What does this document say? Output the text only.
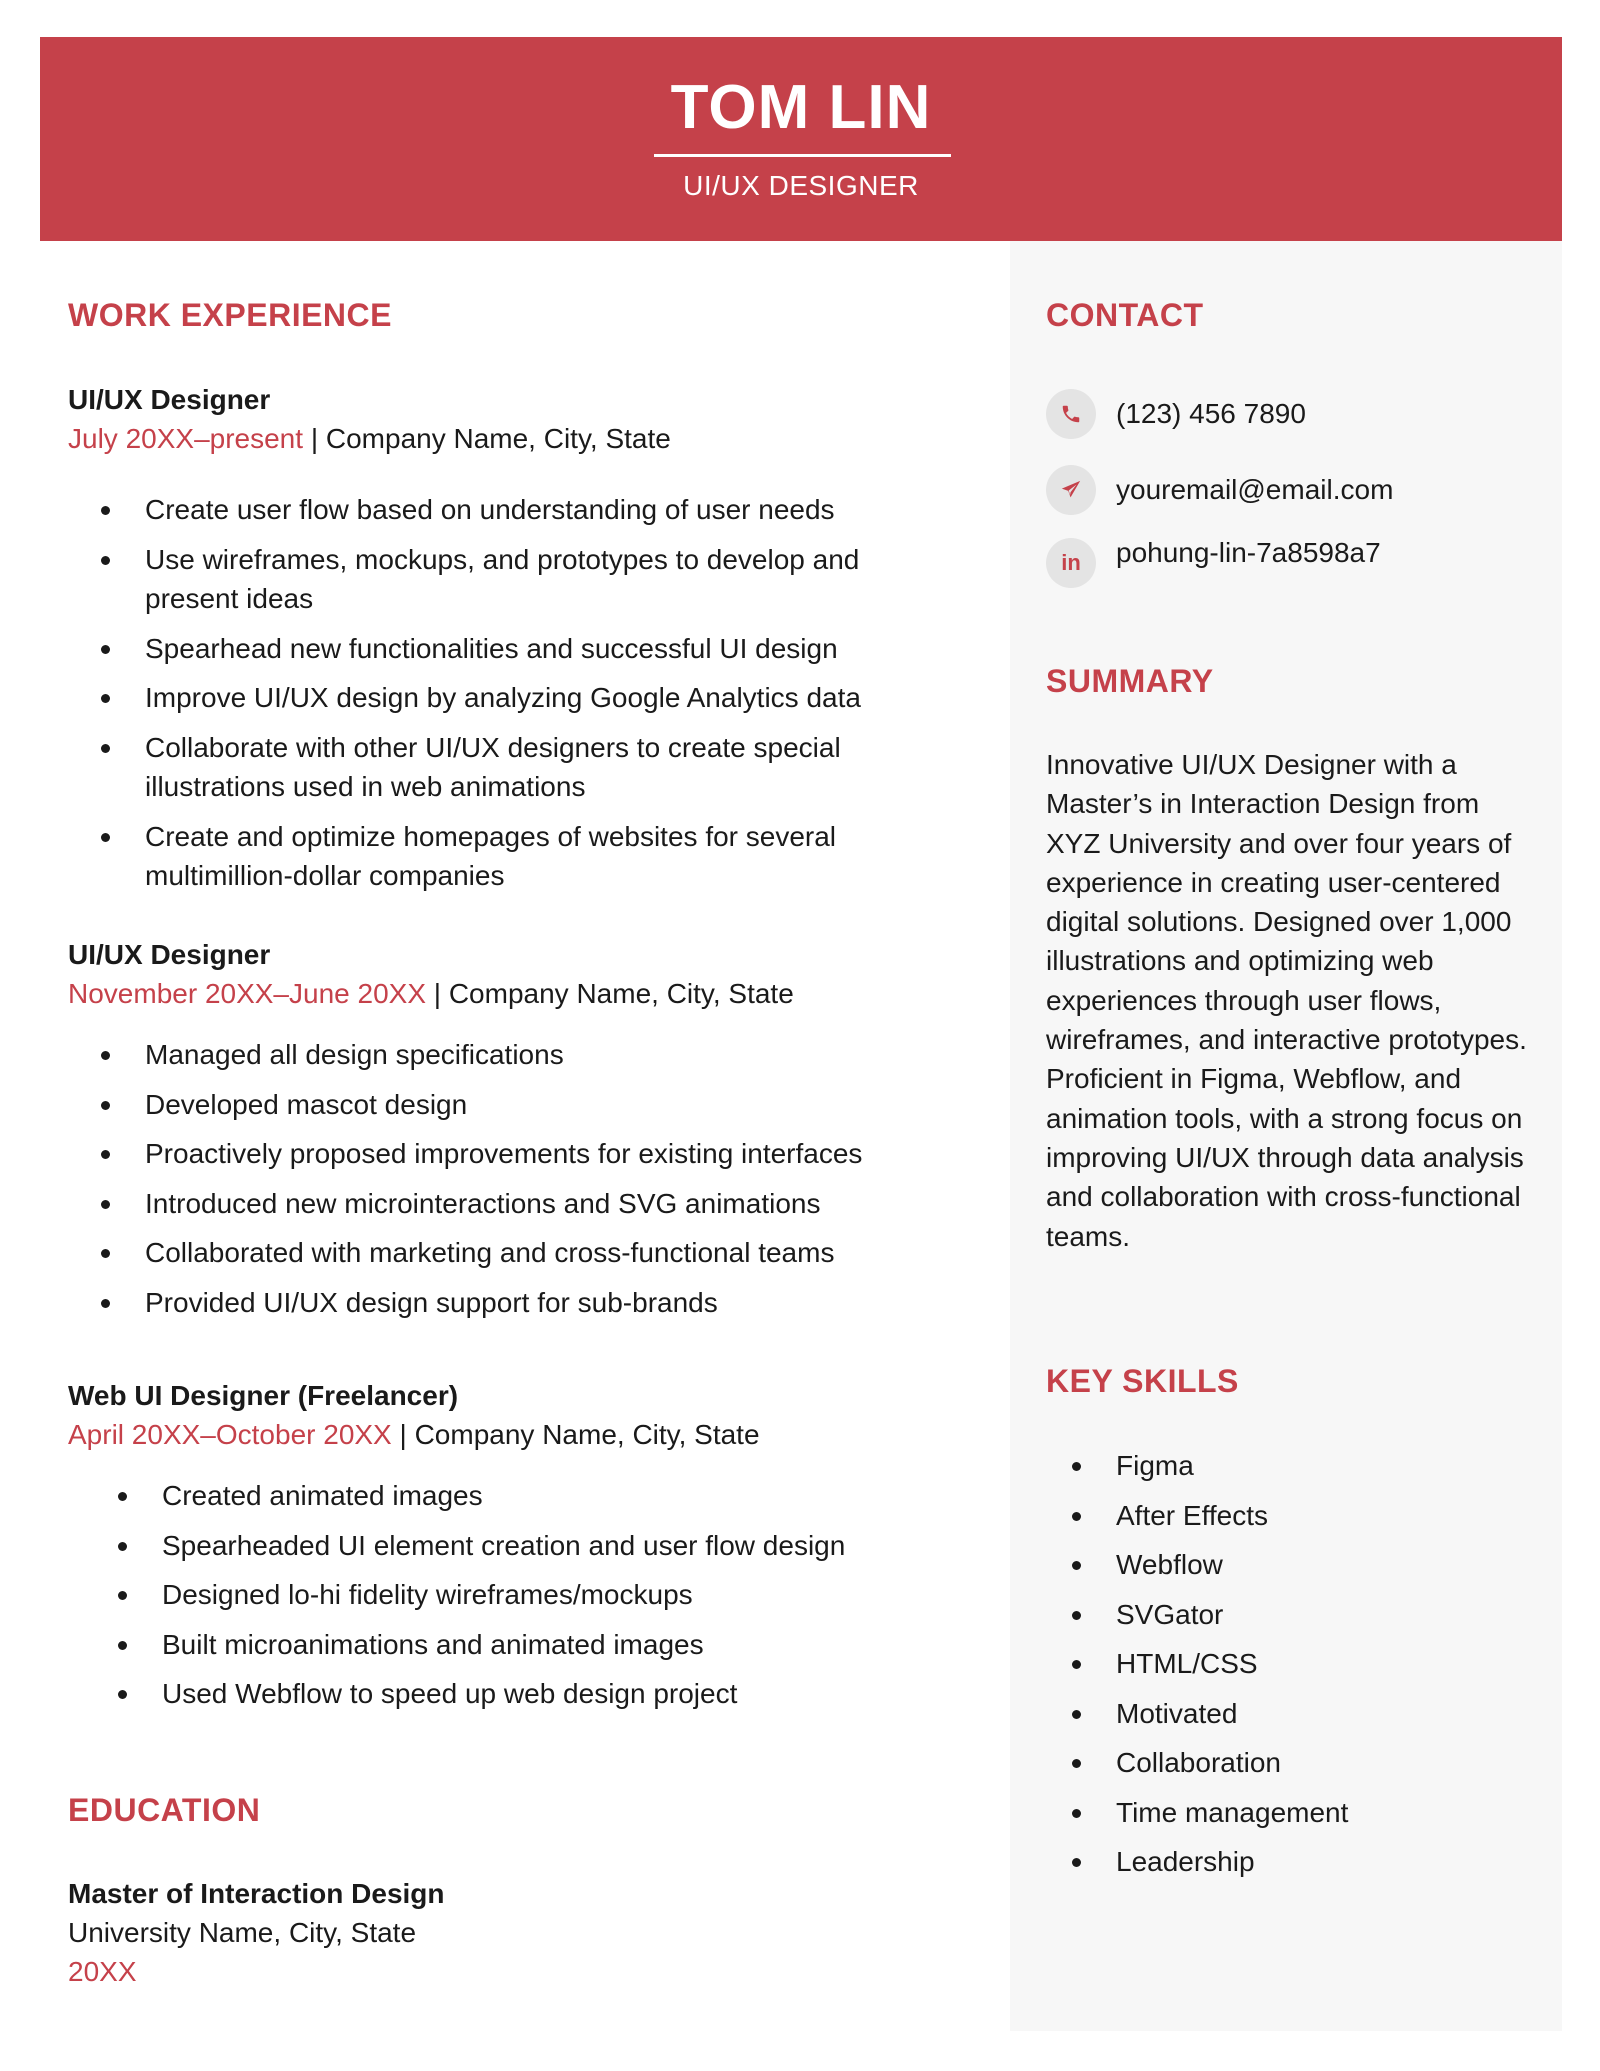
TOM LIN
UI/UX DESIGNER
WORK EXPERIENCE
UI/UX Designer
July 20XX–present | Company Name, City, State
Create user flow based on understanding of user needs
Use wireframes, mockups, and prototypes to develop and present ideas
Spearhead new functionalities and successful UI design
Improve UI/UX design by analyzing Google Analytics data
Collaborate with other UI/UX designers to create special illustrations used in web animations
Create and optimize homepages of websites for several multimillion-dollar companies
UI/UX Designer
November 20XX–June 20XX | Company Name, City, State
Managed all design specifications
Developed mascot design
Proactively proposed improvements for existing interfaces
Introduced new microinteractions and SVG animations
Collaborated with marketing and cross-functional teams
Provided UI/UX design support for sub-brands
Web UI Designer (Freelancer)
April 20XX–October 20XX | Company Name, City, State
Created animated images
Spearheaded UI element creation and user flow design
Designed lo-hi fidelity wireframes/mockups
Built microanimations and animated images
Used Webflow to speed up web design project
EDUCATION
Master of Interaction Design
University Name, City, State
20XX
CONTACT
(123) 456 7890
youremail@email.com
in	pohung-lin-7a8598a7
SUMMARY
Innovative UI/UX Designer with a Master’s in Interaction Design from XYZ University and over four years of experience in creating user-centered digital solutions. Designed over 1,000 illustrations and optimizing web experiences through user flows, wireframes, and interactive prototypes. Proficient in Figma, Webflow, and animation tools, with a strong focus on improving UI/UX through data analysis and collaboration with cross-functional teams.
KEY SKILLS
Figma
After Effects
Webflow
SVGator
HTML/CSS
Motivated
Collaboration
Time management
Leadership
